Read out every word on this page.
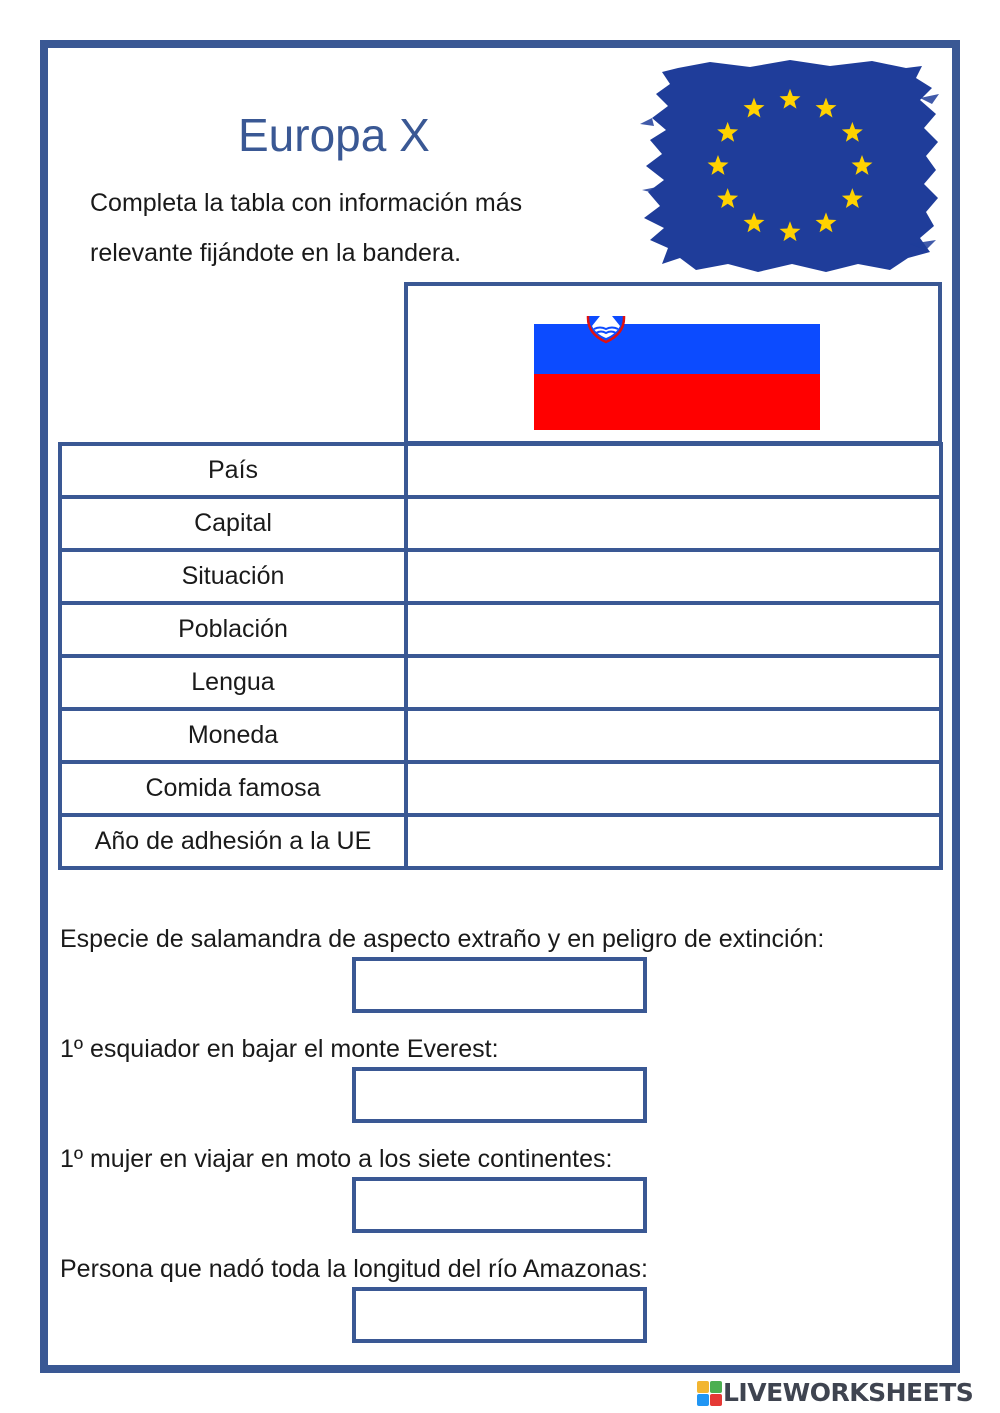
Europa X

Completa la tabla con información más relevante fijándote en la bandera.

País	
Capital	
Situación	
Población	
Lengua	
Moneda	
Comida famosa	
Año de adhesión a la UE	
Especie de salamandra de aspecto extraño y en peligro de extinción:
1º esquiador en bajar el monte Everest:
1º mujer en viajar en moto a los siete continentes:
Persona que nadó toda la longitud del río Amazonas:
LIVEWORKSHEETS
